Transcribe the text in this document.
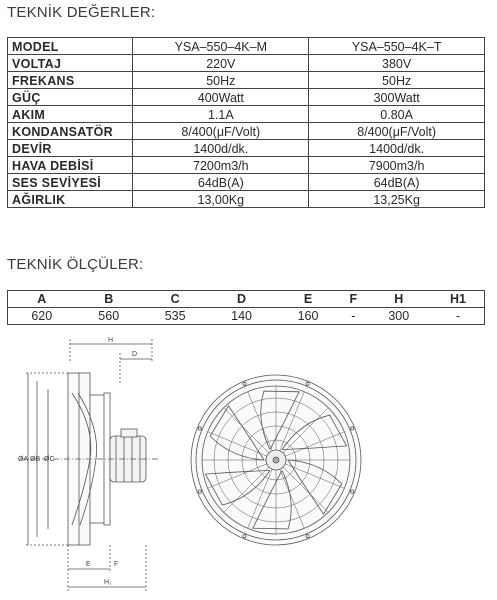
TEKNİK DEĞERLER:
MODEL	YSA–550–4K–M	YSA–550–4K–T
VOLTAJ	220V	380V
FREKANS	50Hz	50Hz
GÜÇ	400Watt	300Watt
AKIM	1.1A	0.80A
KONDANSATÖR	8/400(μF/Volt)	8/400(μF/Volt)
DEVİR	1400d/dk.	1400d/dk.
HAVA DEBİSİ	7200m3/h	7900m3/h
SES SEVİYESİ	64dB(A)	64dB(A)
AĞIRLIK	13,00Kg	13,25Kg
TEKNİK ÖLÇÜLER:
A	B	C	D	E	F	H	H1
620	560	535	140	160	-	300	-
H
D
ØA ØB ØC
E	F
H₁
